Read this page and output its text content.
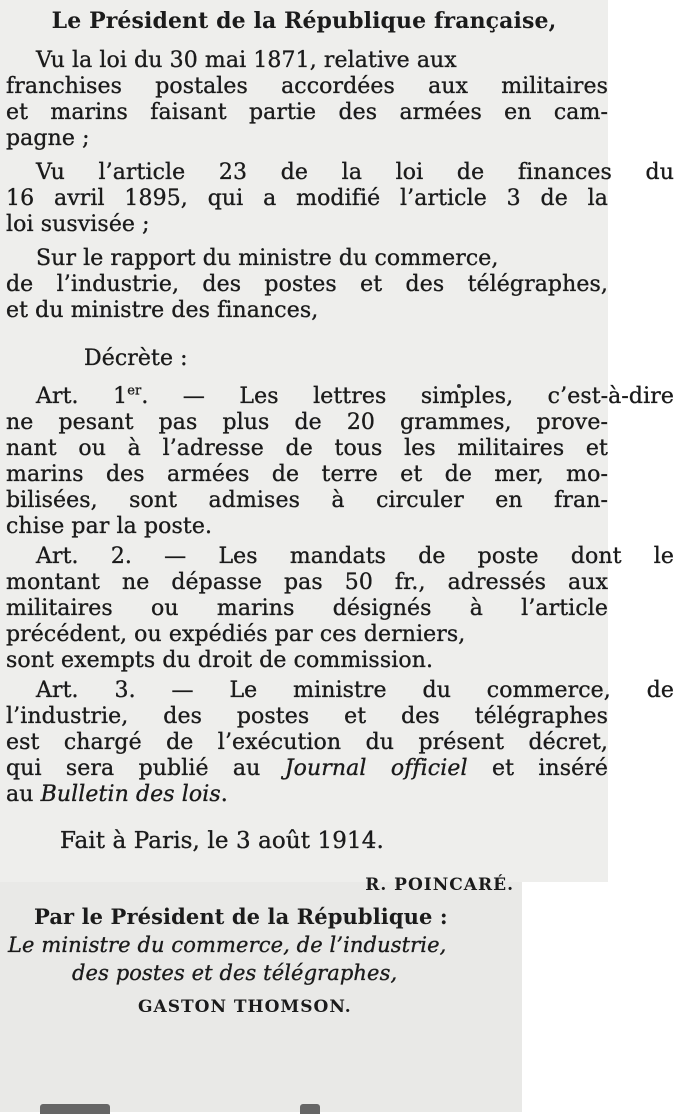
Le Président de la République française,
Vu la loi du 30 mai 1871, relative aux
franchises postales accordées aux militaires
et marins faisant partie des armées en cam-
pagne ;
Vu l’article 23 de la loi de finances du
16 avril 1895, qui a modifié l’article 3 de la
loi susvisée ;
Sur le rapport du ministre du commerce,
de l’industrie, des postes et des télégraphes,
et du ministre des finances,
Décrète :
Art. 1er. — Les lettres simples, c’est-à-dire
ne pesant pas plus de 20 grammes, prove-
nant ou à l’adresse de tous les militaires et
marins des armées de terre et de mer, mo-
bilisées, sont admises à circuler en fran-
chise par la poste.
Art. 2. — Les mandats de poste dont le
montant ne dépasse pas 50 fr., adressés aux
militaires ou marins désignés à l’article
précédent, ou expédiés par ces derniers,
sont exempts du droit de commission.
Art. 3. — Le ministre du commerce, de
l’industrie, des postes et des télégraphes
est chargé de l’exécution du présent décret,
qui sera publié au Journal officiel et inséré
au Bulletin des lois.
Fait à Paris, le 3 août 1914.
R. POINCARÉ.
Par le Président de la République :
Le ministre du commerce, de l’industrie,
des postes et des télégraphes,
GASTON THOMSON.
